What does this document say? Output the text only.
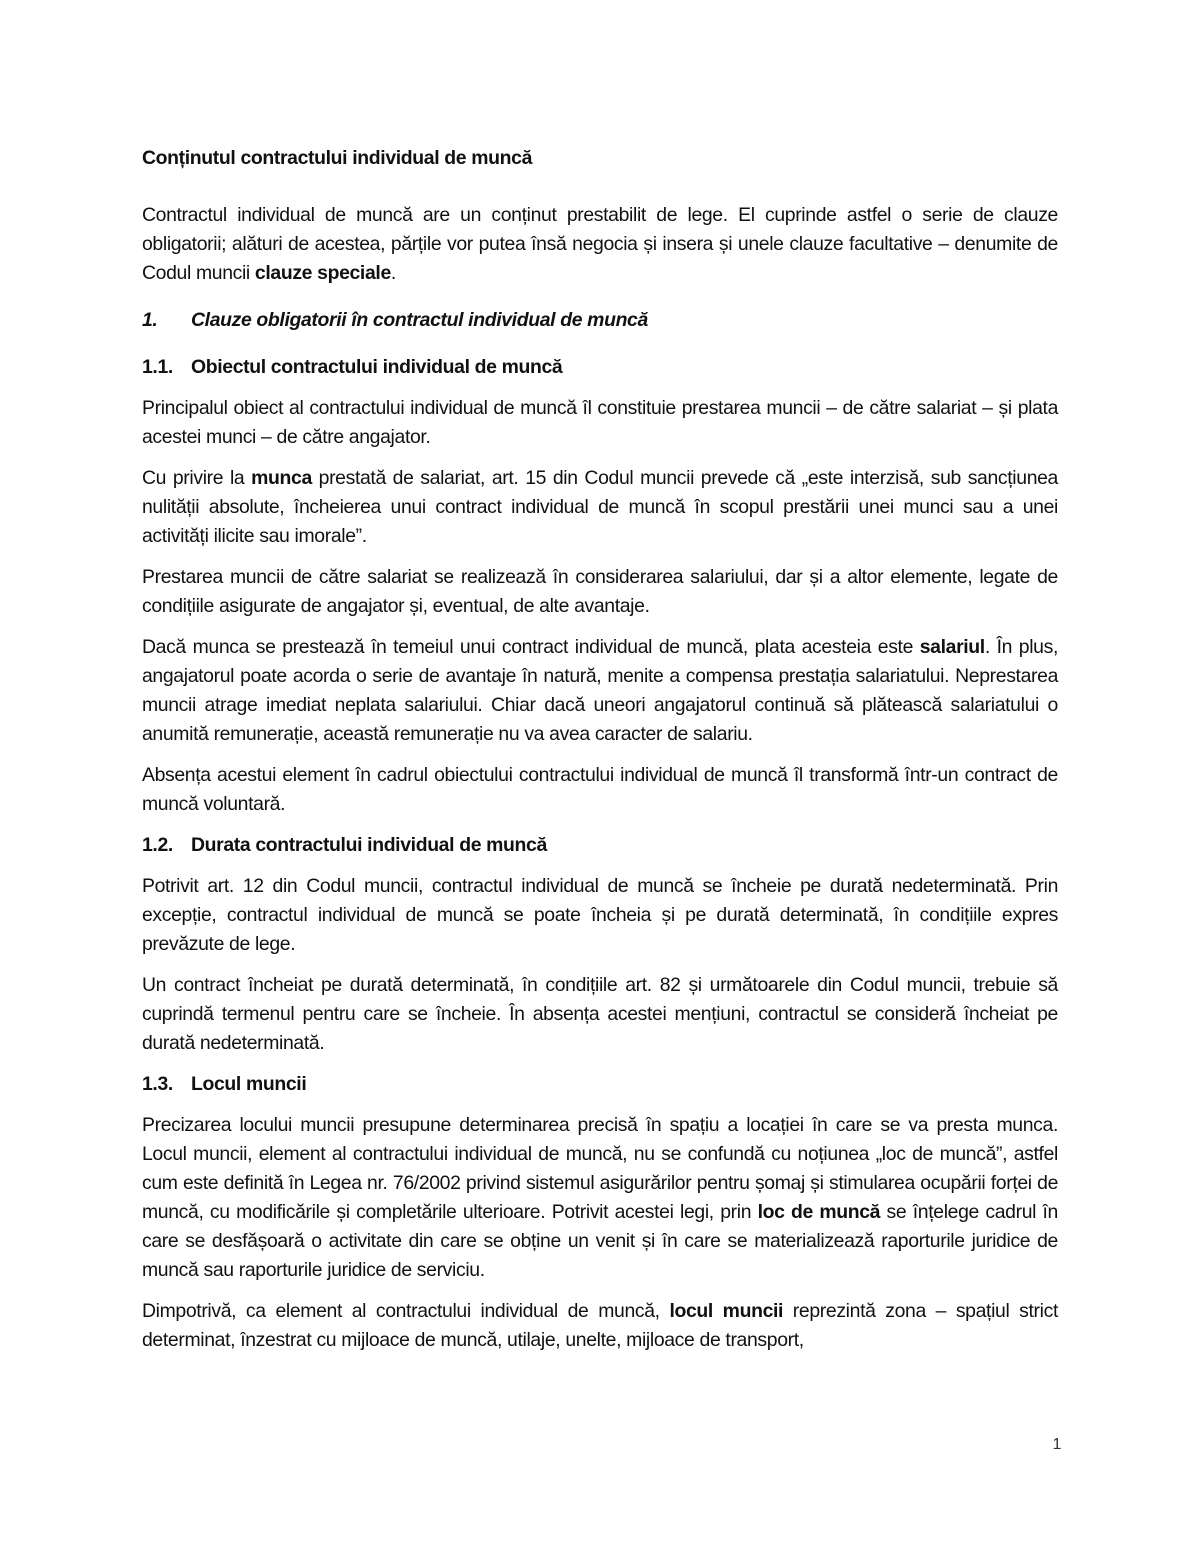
Conținutul contractului individual de muncă

Contractul individual de muncă are un conținut prestabilit de lege. El cuprinde astfel o serie de clauze obligatorii; alături de acestea, părțile vor putea însă negocia și insera și unele clauze facultative – denumite de Codul muncii clauze speciale.

1.	Clauze obligatorii în contractul individual de muncă
1.1. Obiectul contractului individual de muncă

Principalul obiect al contractului individual de muncă îl constituie prestarea muncii – de către salariat – și plata acestei munci – de către angajator.

Cu privire la munca prestată de salariat, art. 15 din Codul muncii prevede că „este interzisă, sub sancțiunea nulității absolute, încheierea unui contract individual de muncă în scopul prestării unei munci sau a unei activități ilicite sau imorale”.

Prestarea muncii de către salariat se realizează în considerarea salariului, dar și a altor elemente, legate de condițiile asigurate de angajator și, eventual, de alte avantaje.

Dacă munca se prestează în temeiul unui contract individual de muncă, plata acesteia este salariul. În plus, angajatorul poate acorda o serie de avantaje în natură, menite a compensa prestația salariatului. Neprestarea muncii atrage imediat neplata salariului. Chiar dacă uneori angajatorul continuă să plătească salariatului o anumită remunerație, această remunerație nu va avea caracter de salariu.

Absența acestui element în cadrul obiectului contractului individual de muncă îl transformă într-un contract de muncă voluntară.

1.2. Durata contractului individual de muncă

Potrivit art. 12 din Codul muncii, contractul individual de muncă se încheie pe durată nedeterminată. Prin excepție, contractul individual de muncă se poate încheia și pe durată determinată, în condițiile expres prevăzute de lege.

Un contract încheiat pe durată determinată, în condițiile art. 82 și următoarele din Codul muncii, trebuie să cuprindă termenul pentru care se încheie. În absența acestei mențiuni, contractul se consideră încheiat pe durată nedeterminată.

1.3. Locul muncii

Precizarea locului muncii presupune determinarea precisă în spațiu a locației în care se va presta munca. Locul muncii, element al contractului individual de muncă, nu se confundă cu noțiunea „loc de muncă”, astfel cum este definită în Legea nr. 76/2002 privind sistemul asigurărilor pentru șomaj și stimularea ocupării forței de muncă, cu modificările și completările ulterioare. Potrivit acestei legi, prin loc de muncă se înțelege cadrul în care se desfășoară o activitate din care se obține un venit și în care se materializează raporturile juridice de muncă sau raporturile juridice de serviciu.

Dimpotrivă, ca element al contractului individual de muncă, locul muncii reprezintă zona – spațiul strict determinat, înzestrat cu mijloace de muncă, utilaje, unelte, mijloace de transport,

1
